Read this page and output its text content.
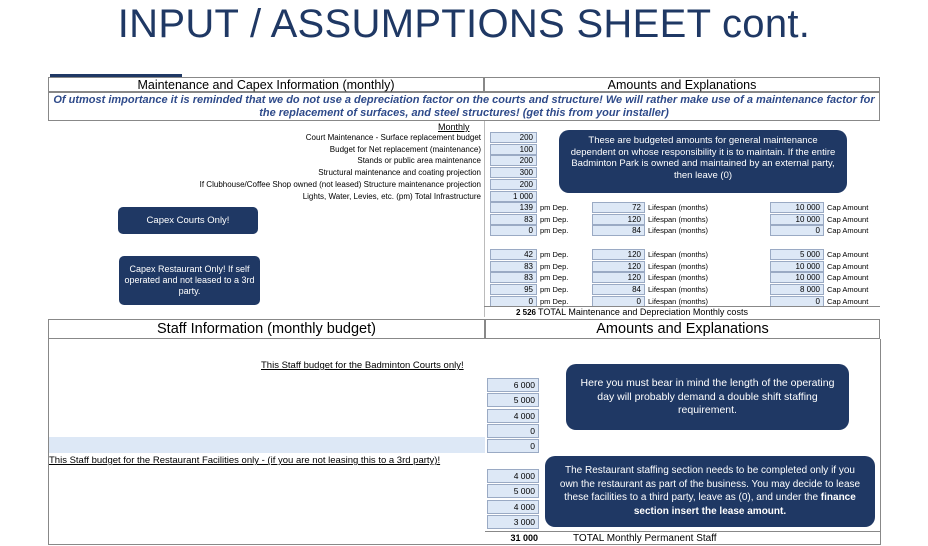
INPUT / ASSUMPTIONS SHEET cont.
Maintenance and Capex Information (monthly)	Amounts and Explanations
Of utmost importance it is reminded that we do not use a depreciation factor on the courts and structure! We will rather make use of a maintenance factor for the replacement of surfaces, and steel structures! (get this from your installer)
Monthly
Court Maintenance - Surface replacement budget	200
Budget for Net replacement (maintenance)	100
Stands or public area maintenance	200
Structural maintenance and coating projection	300
If Clubhouse/Coffee Shop owned (not leased) Structure maintenance projection	200
Lights, Water, Levies, etc. (pm) Total Infrastructure	1 000
These are budgeted amounts for general maintenance dependent on whose responsibility it is to maintain. If the entire Badminton Park is owned and maintained by an external party, then leave (0)
Capex Courts Only!
Capex Restaurant Only! If self operated and not leased to a 3rd party.
139 pm Dep.	72 Lifespan (months)	10 000 Cap Amount
83 pm Dep.	120 Lifespan (months)	10 000 Cap Amount
0 pm Dep.	84 Lifespan (months)	0 Cap Amount
42 pm Dep.	120 Lifespan (months)	5 000 Cap Amount
83 pm Dep.	120 Lifespan (months)	10 000 Cap Amount
83 pm Dep.	120 Lifespan (months)	10 000 Cap Amount
95 pm Dep.	84 Lifespan (months)	8 000 Cap Amount
0 pm Dep.	0 Lifespan (months)	0 Cap Amount
2 526 TOTAL Maintenance and Depreciation Monthly costs
Staff Information (monthly budget)	Amounts and Explanations
This Staff budget for the Badminton Courts only!
6 000
5 000
4 000
0
0
This Staff budget for the Restaurant Facilities only - (if you are not leasing this to a 3rd party)!
4 000
5 000
4 000
3 000
Here you must bear in mind the length of the operating day will probably demand a double shift staffing requirement.
The Restaurant staffing section needs to be completed only if you own the restaurant as part of the business. You may decide to lease these facilities to a third party, leave as (0), and under the finance section insert the lease amount.
31 000	TOTAL Monthly Permanent Staff
